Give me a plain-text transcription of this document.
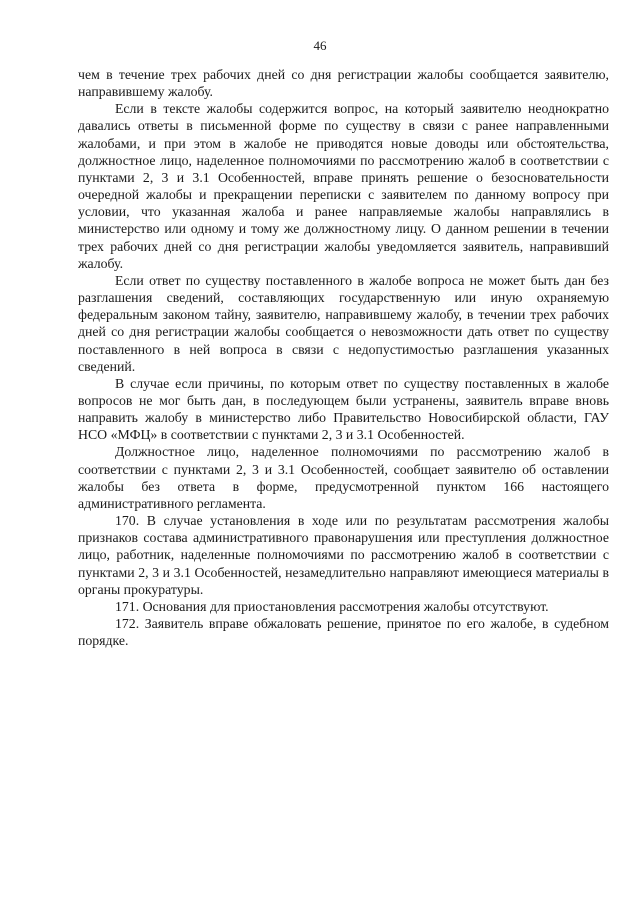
46

чем в течение трех рабочих дней со дня регистрации жалобы сообщается заявителю, направившему жалобу.

Если в тексте жалобы содержится вопрос, на который заявителю неоднократно давались ответы в письменной форме по существу в связи с ранее направленными жалобами, и при этом в жалобе не приводятся новые доводы или обстоятельства, должностное лицо, наделенное полномочиями по рассмотрению жалоб в соответствии с пунктами 2, 3 и 3.1 Особенностей, вправе принять решение о безосновательности очередной жалобы и прекращении переписки с заявителем по данному вопросу при условии, что указанная жалоба и ранее направляемые жалобы направлялись в министерство или одному и тому же должностному лицу. О данном решении в течении трех рабочих дней со дня регистрации жалобы уведомляется заявитель, направивший жалобу.

Если ответ по существу поставленного в жалобе вопроса не может быть дан без разглашения сведений, составляющих государственную или иную охраняемую федеральным законом тайну, заявителю, направившему жалобу, в течении трех рабочих дней со дня регистрации жалобы сообщается о невозможности дать ответ по существу поставленного в ней вопроса в связи с недопустимостью разглашения указанных сведений.

В случае если причины, по которым ответ по существу поставленных в жалобе вопросов не мог быть дан, в последующем были устранены, заявитель вправе вновь направить жалобу в министерство либо Правительство Новосибирской области, ГАУ НСО «МФЦ» в соответствии с пунктами 2, 3 и 3.1 Особенностей.

Должностное лицо, наделенное полномочиями по рассмотрению жалоб в соответствии с пунктами 2, 3 и 3.1 Особенностей, сообщает заявителю об оставлении жалобы без ответа в форме, предусмотренной пунктом 166 настоящего административного регламента.

170. В случае установления в ходе или по результатам рассмотрения жалобы признаков состава административного правонарушения или преступления должностное лицо, работник, наделенные полномочиями по рассмотрению жалоб в соответствии с пунктами 2, 3 и 3.1 Особенностей, незамедлительно направляют имеющиеся материалы в органы прокуратуры.

171. Основания для приостановления рассмотрения жалобы отсутствуют.

172. Заявитель вправе обжаловать решение, принятое по его жалобе, в судебном порядке.
